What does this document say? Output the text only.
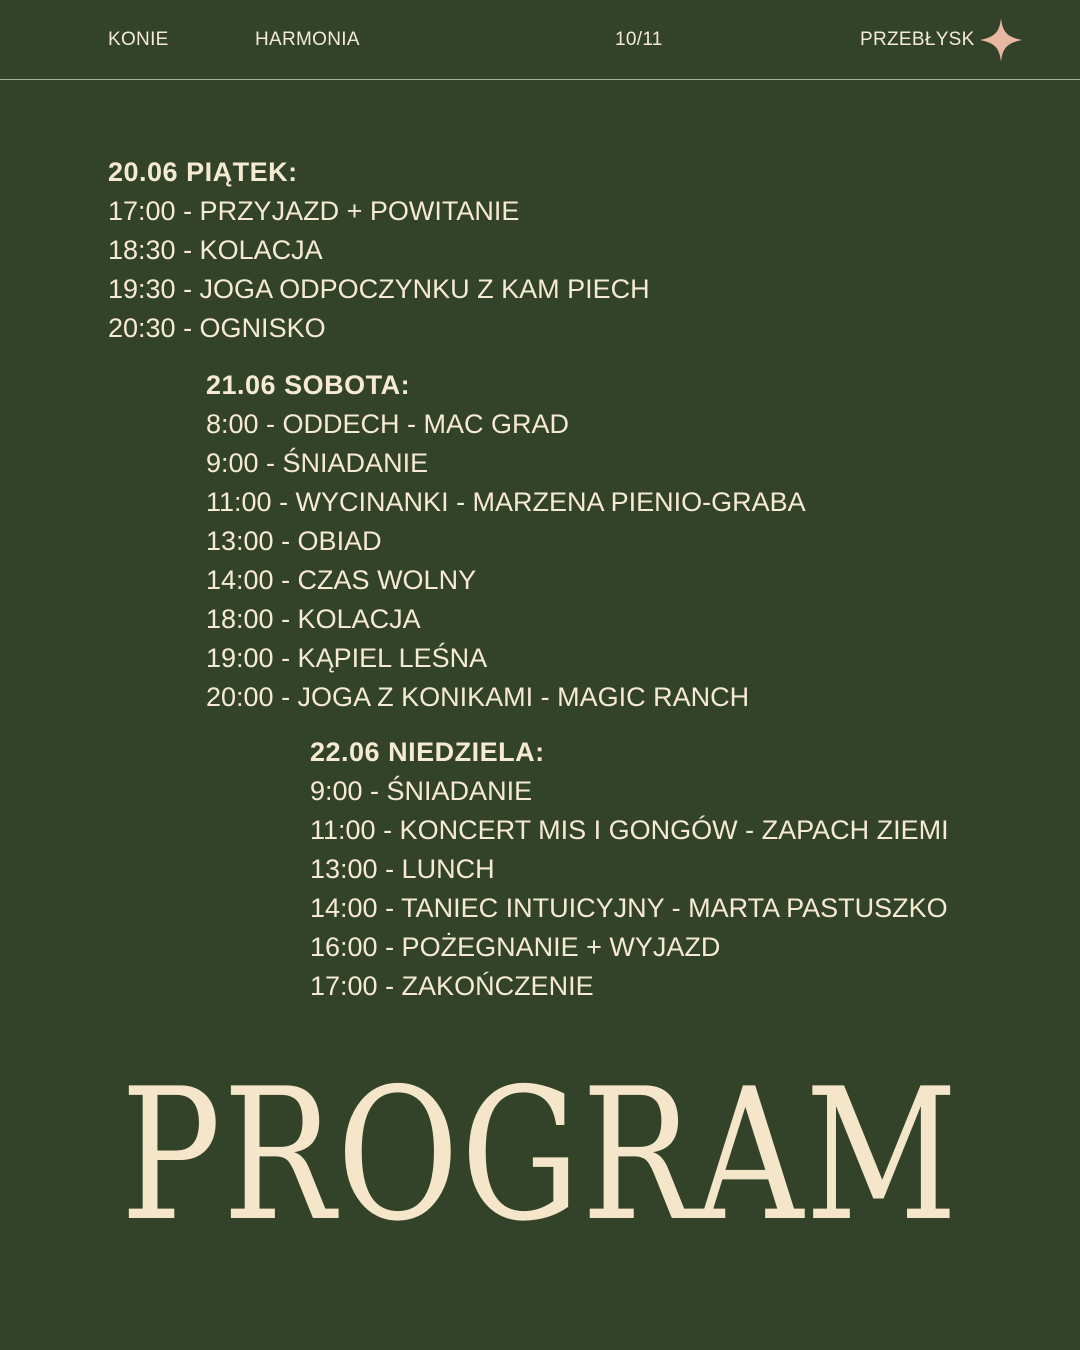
KONIE	HARMONIA	10/11	PRZEBŁYSK
20.06 PIĄTEK:
17:00 - PRZYJAZD + POWITANIE
18:30 - KOLACJA
19:30 - JOGA ODPOCZYNKU Z KAM PIECH
20:30 - OGNISKO
21.06 SOBOTA:
8:00 - ODDECH - MAC GRAD
9:00 - ŚNIADANIE
11:00 - WYCINANKI - MARZENA PIENIO-GRABA
13:00 - OBIAD
14:00 - CZAS WOLNY
18:00 - KOLACJA
19:00 - KĄPIEL LEŚNA
20:00 - JOGA Z KONIKAMI - MAGIC RANCH
22.06 NIEDZIELA:
9:00 - ŚNIADANIE
11:00 - KONCERT MIS I GONGÓW - ZAPACH ZIEMI
13:00 - LUNCH
14:00 - TANIEC INTUICYJNY - MARTA PASTUSZKO
16:00 - POŻEGNANIE + WYJAZD
17:00 - ZAKOŃCZENIE
PROGRAM
